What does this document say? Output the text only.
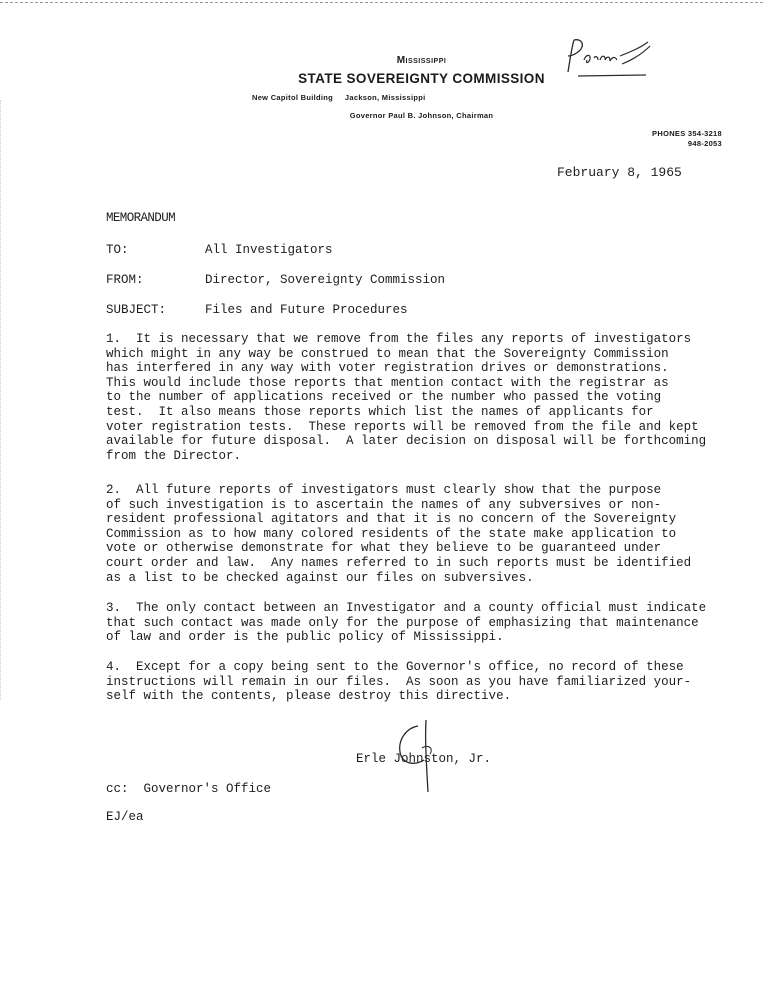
Mississippi
STATE SOVEREIGNTY COMMISSION
New Capitol Building     Jackson, Mississippi
Governor Paul B. Johnson, Chairman
PHONES 354-3218
948-2053
February 8, 1965
MEMORANDUM
TO:	All Investigators
FROM:	Director, Sovereignty Commission
SUBJECT:	Files and Future Procedures
1.  It is necessary that we remove from the files any reports of investigators
which might in any way be construed to mean that the Sovereignty Commission
has interfered in any way with voter registration drives or demonstrations.
This would include those reports that mention contact with the registrar as
to the number of applications received or the number who passed the voting
test.  It also means those reports which list the names of applicants for
voter registration tests.  These reports will be removed from the file and kept
available for future disposal.  A later decision on disposal will be forthcoming
from the Director.
2.  All future reports of investigators must clearly show that the purpose
of such investigation is to ascertain the names of any subversives or non-
resident professional agitators and that it is no concern of the Sovereignty
Commission as to how many colored residents of the state make application to
vote or otherwise demonstrate for what they believe to be guaranteed under
court order and law.  Any names referred to in such reports must be identified
as a list to be checked against our files on subversives.
3.  The only contact between an Investigator and a county official must indicate
that such contact was made only for the purpose of emphasizing that maintenance
of law and order is the public policy of Mississippi.
4.  Except for a copy being sent to the Governor's office, no record of these
instructions will remain in our files.  As soon as you have familiarized your-
self with the contents, please destroy this directive.
Erle Johnston, Jr.
cc:  Governor's Office
EJ/ea
